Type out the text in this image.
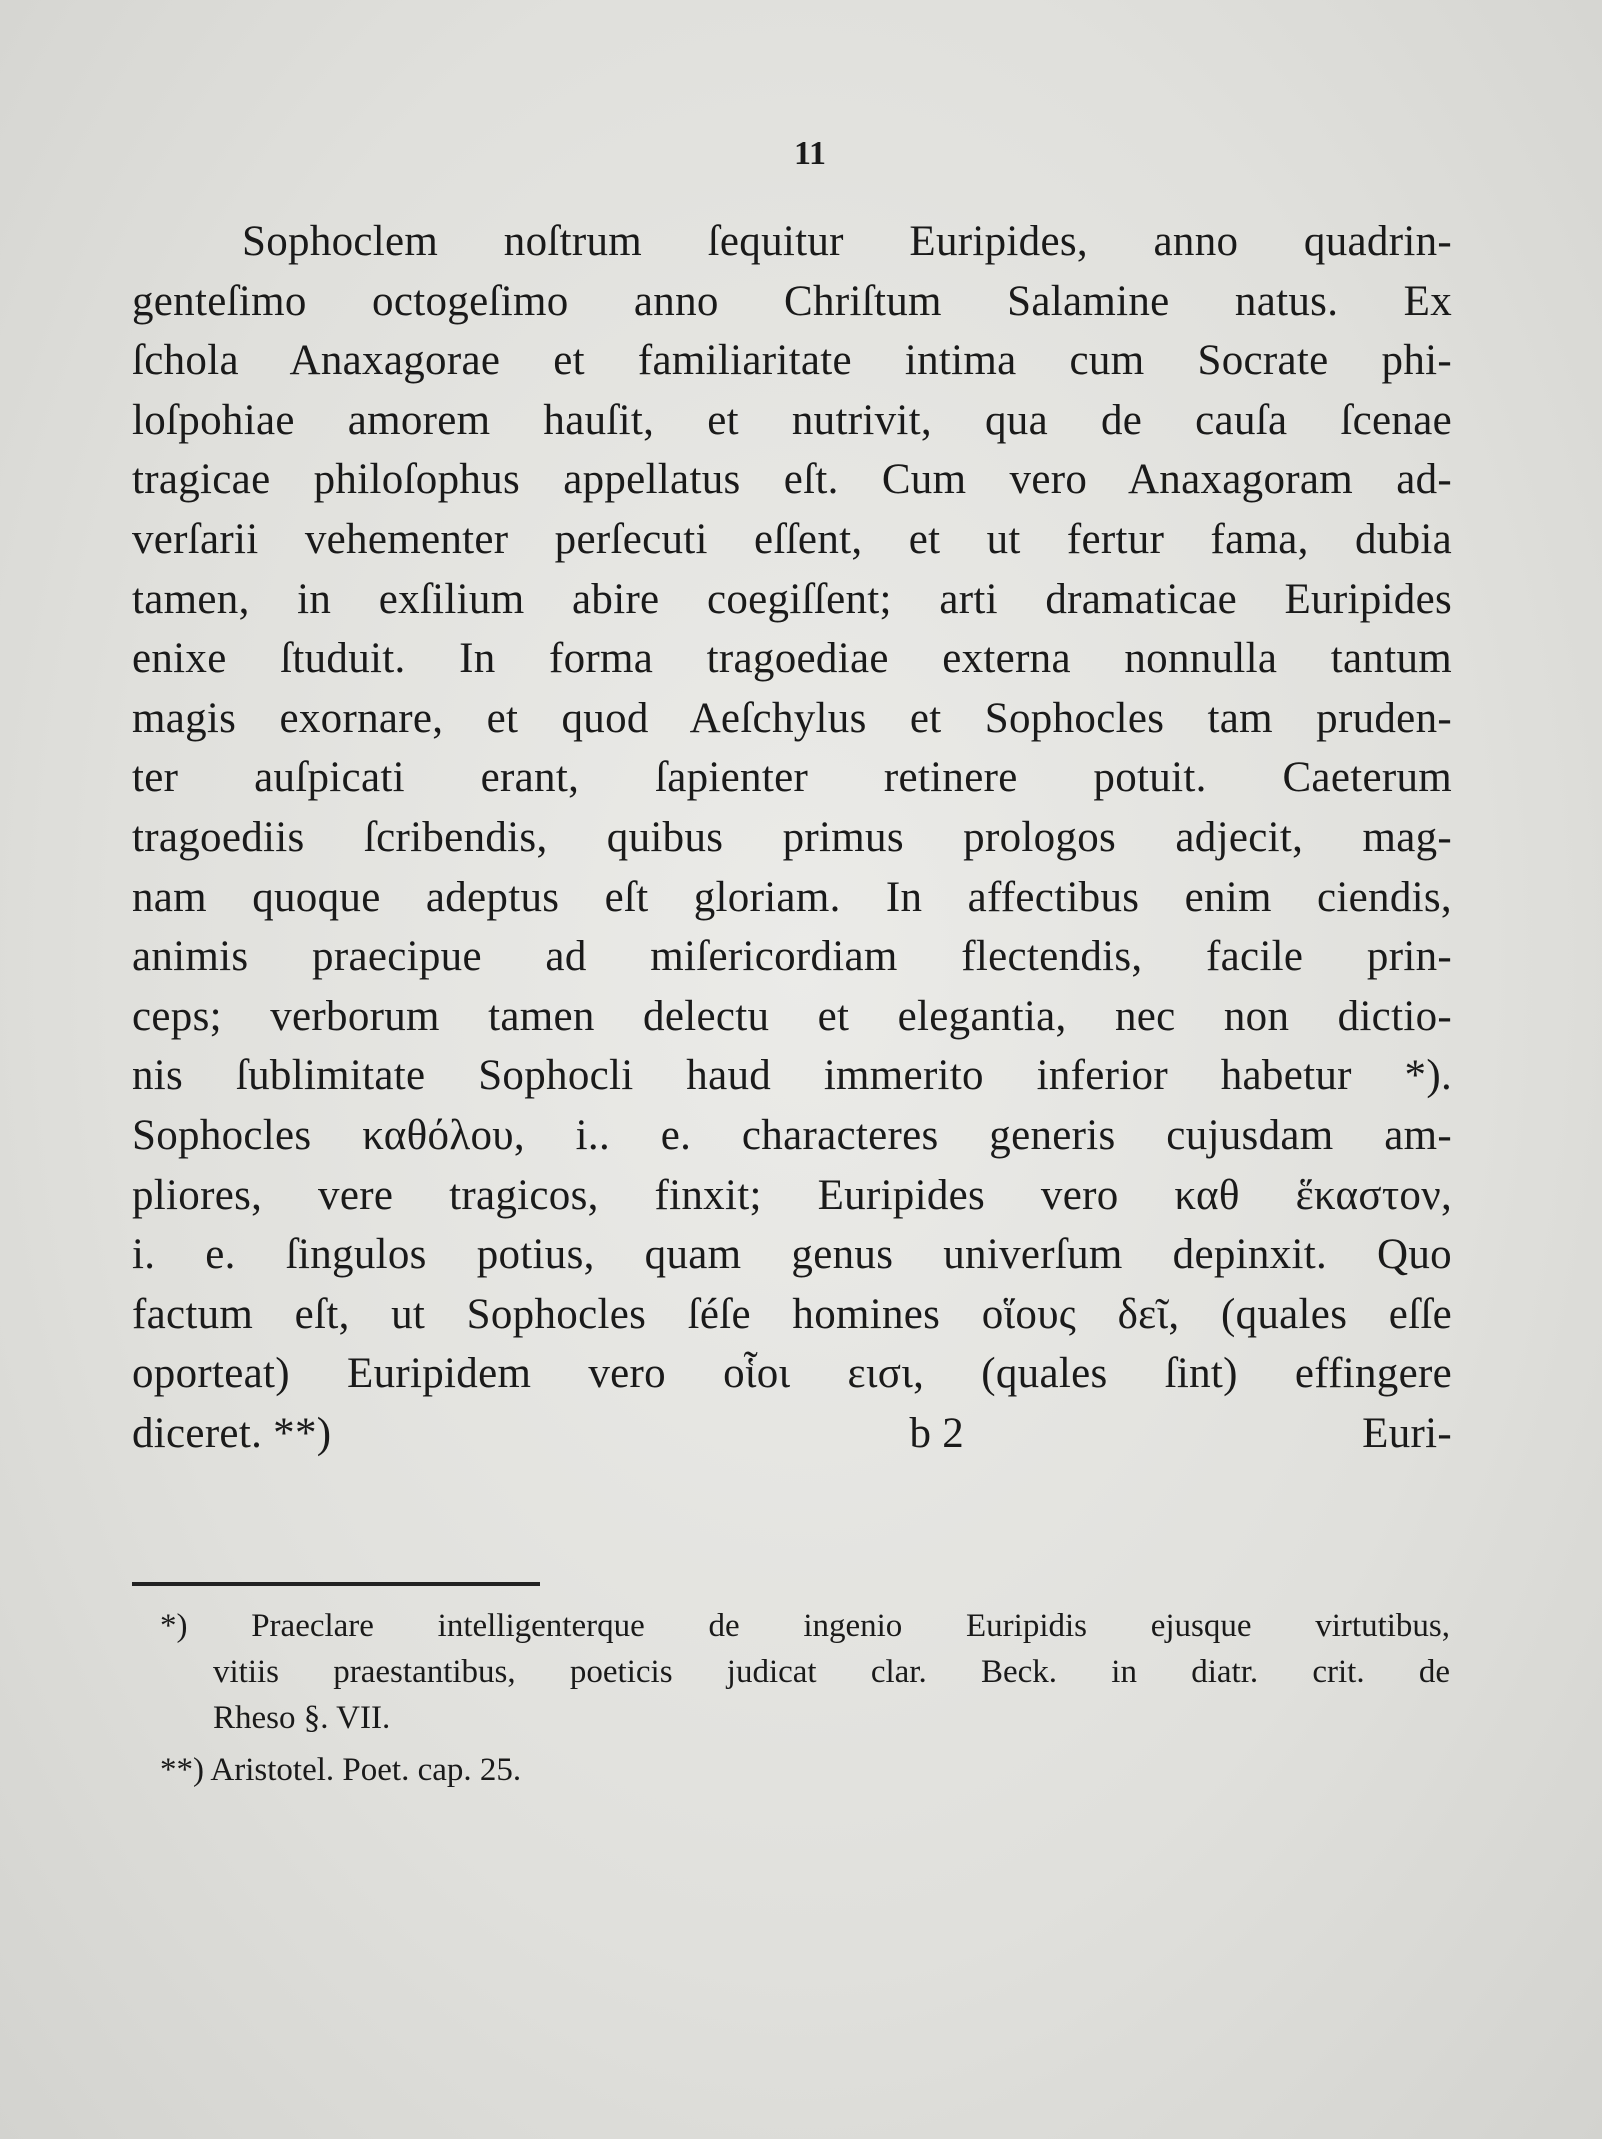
11
Sophoclem noſtrum ſequitur Euripides, anno quadrin-
genteſimo octogeſimo anno Chriſtum Salamine natus. Ex
ſchola Anaxagorae et familiaritate intima cum Socrate phi-
loſpohiae amorem hauſit, et nutrivit, qua de cauſa ſcenae
tragicae philoſophus appellatus eſt. Cum vero Anaxagoram ad-
verſarii vehementer perſecuti eſſent, et ut fertur fama, dubia
tamen, in exſilium abire coegiſſent; arti dramaticae Euripides
enixe ſtuduit. In forma tragoediae externa nonnulla tantum
magis exornare, et quod Aeſchylus et Sophocles tam pruden-
ter auſpicati erant, ſapienter retinere potuit. Caeterum
tragoediis ſcribendis, quibus primus prologos adjecit, mag-
nam quoque adeptus eſt gloriam. In affectibus enim ciendis,
animis praecipue ad miſericordiam flectendis, facile prin-
ceps; verborum tamen delectu et elegantia, nec non dictio-
nis ſublimitate Sophocli haud immerito inferior habetur *).
Sophocles καθόλου, i.. e. characteres generis cujusdam am-
pliores, vere tragicos, finxit; Euripides vero καθ ἕκαστον,
i. e. ſingulos potius, quam genus univerſum depinxit. Quo
factum eſt, ut Sophocles ſéſe homines οἵους δεῖ, (quales eſſe
oporteat) Euripidem vero οἷοι εισι, (quales ſint) effingere
diceret. **)	b 2	Euri-
*) Praeclare intelligenterque de ingenio Euripidis ejusque virtutibus,
vitiis praestantibus, poeticis judicat clar. Beck. in diatr. crit. de
Rheso §. VII.
**) Aristotel. Poet. cap. 25.
